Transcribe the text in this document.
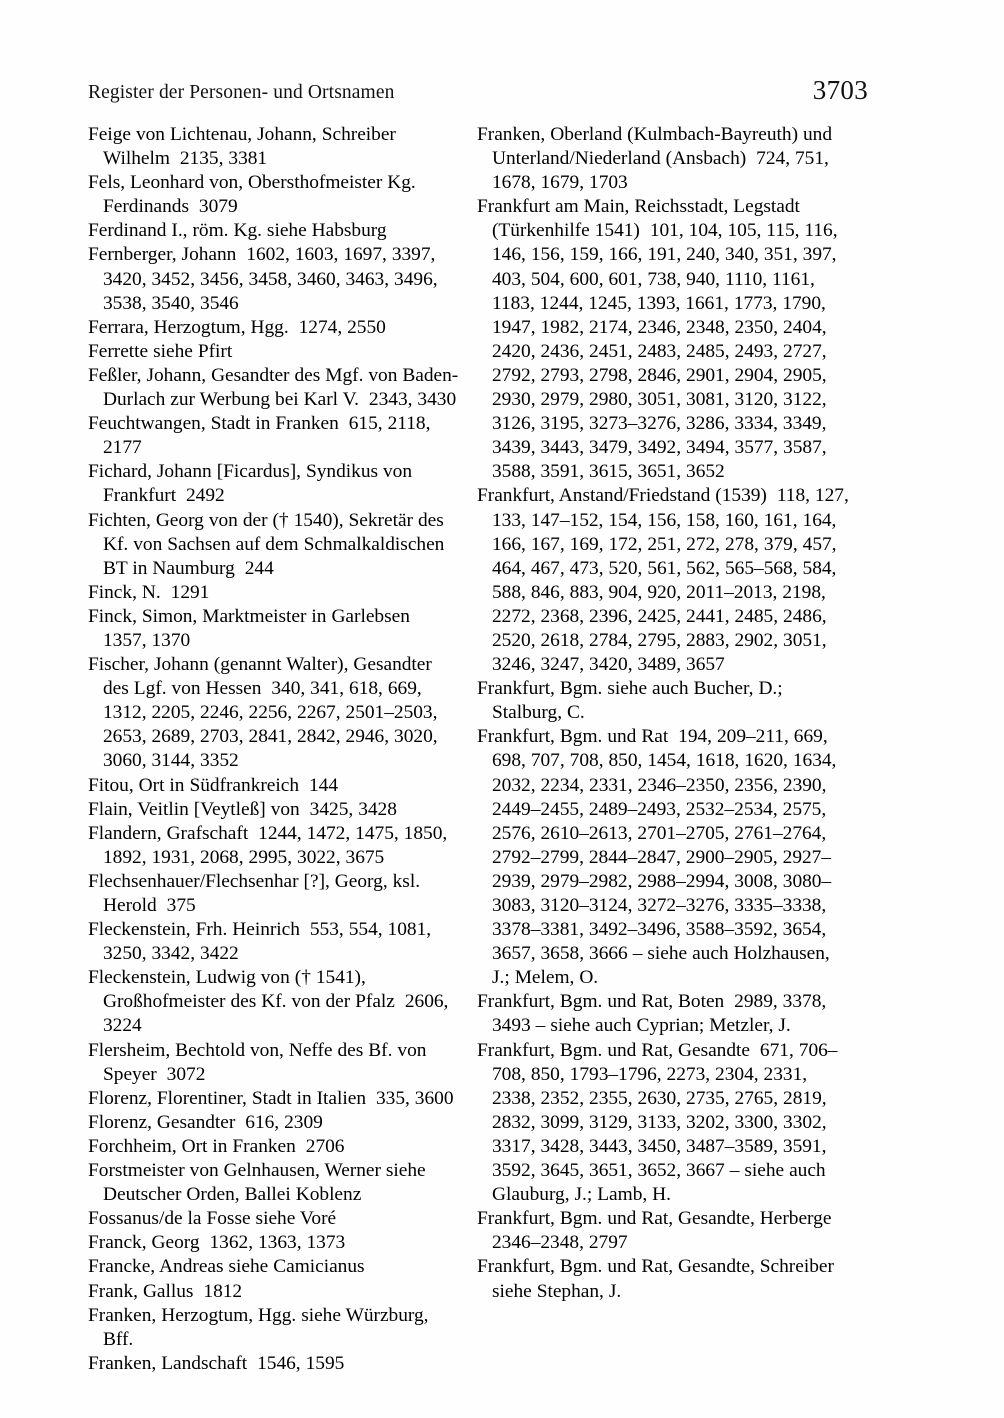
Register der Personen- und Ortsnamen	3703

Feige von Lichtenau, Johann, Schreiber Wilhelm  2135, 3381

Fels, Leonhard von, Obersthofmeister Kg. Ferdinands  3079

Ferdinand I., röm. Kg. siehe Habsburg

Fernberger, Johann  1602, 1603, 1697, 3397, 3420, 3452, 3456, 3458, 3460, 3463, 3496, 3538, 3540, 3546

Ferrara, Herzogtum, Hgg.  1274, 2550

Ferrette siehe Pfirt

Feßler, Johann, Gesandter des Mgf. von Baden-Durlach zur Werbung bei Karl V.  2343, 3430

Feuchtwangen, Stadt in Franken  615, 2118, 2177

Fichard, Johann [Ficardus], Syndikus von Frankfurt  2492

Fichten, Georg von der († 1540), Sekretär des Kf. von Sachsen auf dem Schmalkaldischen BT in Naumburg  244

Finck, N.  1291

Finck, Simon, Marktmeister in Garlebsen  1357, 1370

Fischer, Johann (genannt Walter), Gesandter des Lgf. von Hessen  340, 341, 618, 669, 1312, 2205, 2246, 2256, 2267, 2501–2503, 2653, 2689, 2703, 2841, 2842, 2946, 3020, 3060, 3144, 3352

Fitou, Ort in Südfrankreich  144

Flain, Veitlin [Veytleß] von  3425, 3428

Flandern, Grafschaft  1244, 1472, 1475, 1850, 1892, 1931, 2068, 2995, 3022, 3675

Flechsenhauer/Flechsenhar [?], Georg, ksl. Herold  375

Fleckenstein, Frh. Heinrich  553, 554, 1081, 3250, 3342, 3422

Fleckenstein, Ludwig von († 1541), Großhofmeister des Kf. von der Pfalz  2606, 3224

Flersheim, Bechtold von, Neffe des Bf. von Speyer  3072

Florenz, Florentiner, Stadt in Italien  335, 3600

Florenz, Gesandter  616, 2309

Forchheim, Ort in Franken  2706

Forstmeister von Gelnhausen, Werner siehe Deutscher Orden, Ballei Koblenz

Fossanus/de la Fosse siehe Voré

Franck, Georg  1362, 1363, 1373

Francke, Andreas siehe Camicianus

Frank, Gallus  1812

Franken, Herzogtum, Hgg. siehe Würzburg, Bff.

Franken, Landschaft  1546, 1595

Franken, Oberland (Kulmbach-Bayreuth) und Unterland/Niederland (Ansbach)  724, 751, 1678, 1679, 1703

Frankfurt am Main, Reichsstadt, Legstadt (Türkenhilfe 1541)  101, 104, 105, 115, 116, 146, 156, 159, 166, 191, 240, 340, 351, 397, 403, 504, 600, 601, 738, 940, 1110, 1161, 1183, 1244, 1245, 1393, 1661, 1773, 1790, 1947, 1982, 2174, 2346, 2348, 2350, 2404, 2420, 2436, 2451, 2483, 2485, 2493, 2727, 2792, 2793, 2798, 2846, 2901, 2904, 2905, 2930, 2979, 2980, 3051, 3081, 3120, 3122, 3126, 3195, 3273–3276, 3286, 3334, 3349, 3439, 3443, 3479, 3492, 3494, 3577, 3587, 3588, 3591, 3615, 3651, 3652

Frankfurt, Anstand/Friedstand (1539)  118, 127, 133, 147–152, 154, 156, 158, 160, 161, 164, 166, 167, 169, 172, 251, 272, 278, 379, 457, 464, 467, 473, 520, 561, 562, 565–568, 584, 588, 846, 883, 904, 920, 2011–2013, 2198, 2272, 2368, 2396, 2425, 2441, 2485, 2486, 2520, 2618, 2784, 2795, 2883, 2902, 3051, 3246, 3247, 3420, 3489, 3657

Frankfurt, Bgm. siehe auch Bucher, D.; Stalburg, C.

Frankfurt, Bgm. und Rat  194, 209–211, 669, 698, 707, 708, 850, 1454, 1618, 1620, 1634, 2032, 2234, 2331, 2346–2350, 2356, 2390, 2449–2455, 2489–2493, 2532–2534, 2575, 2576, 2610–2613, 2701–2705, 2761–2764, 2792–2799, 2844–2847, 2900–2905, 2927–2939, 2979–2982, 2988–2994, 3008, 3080–3083, 3120–3124, 3272–3276, 3335–3338, 3378–3381, 3492–3496, 3588–3592, 3654, 3657, 3658, 3666 – siehe auch Holzhausen, J.; Melem, O.

Frankfurt, Bgm. und Rat, Boten  2989, 3378, 3493 – siehe auch Cyprian; Metzler, J.

Frankfurt, Bgm. und Rat, Gesandte  671, 706–708, 850, 1793–1796, 2273, 2304, 2331, 2338, 2352, 2355, 2630, 2735, 2765, 2819, 2832, 3099, 3129, 3133, 3202, 3300, 3302, 3317, 3428, 3443, 3450, 3487–3589, 3591, 3592, 3645, 3651, 3652, 3667 – siehe auch Glauburg, J.; Lamb, H.

Frankfurt, Bgm. und Rat, Gesandte, Herberge  2346–2348, 2797

Frankfurt, Bgm. und Rat, Gesandte, Schreiber siehe Stephan, J.
